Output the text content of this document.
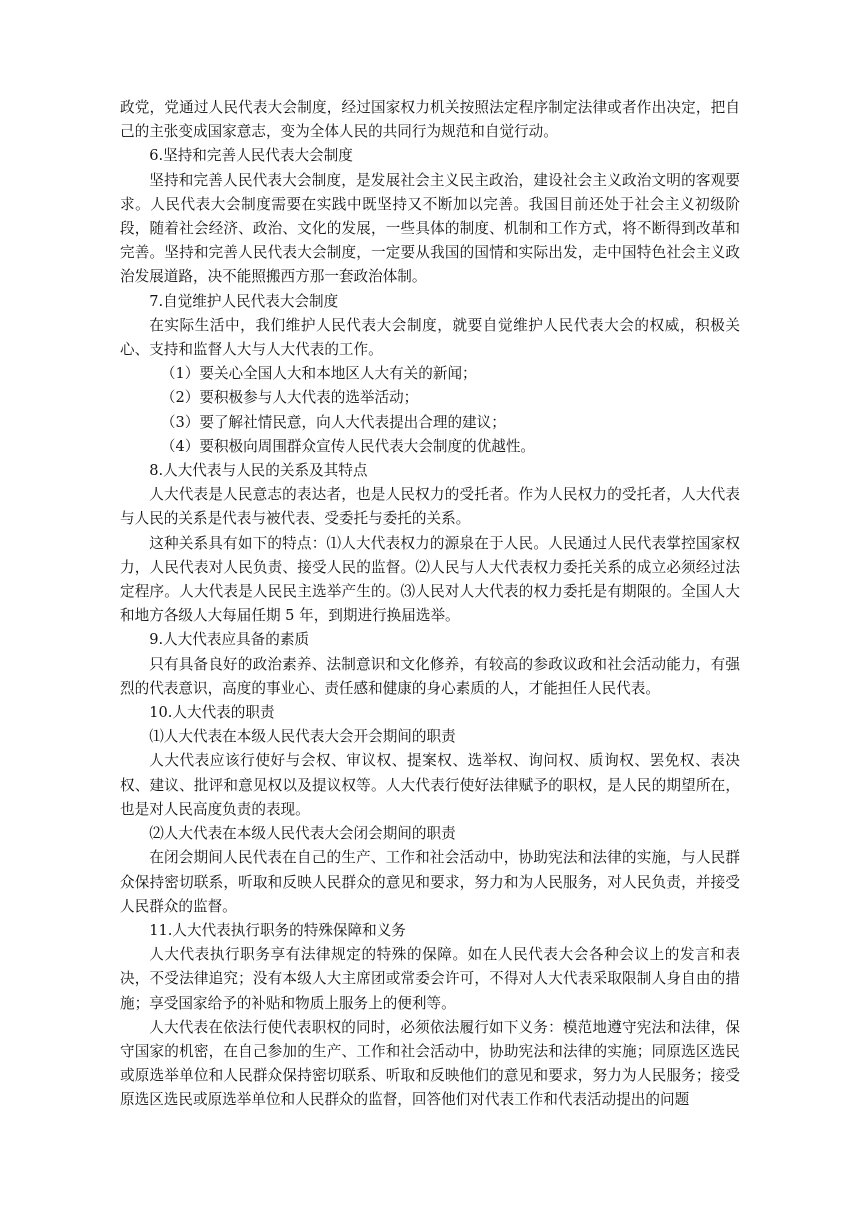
政党，党通过人民代表大会制度，经过国家权力机关按照法定程序制定法律或者作出决定，把自己的主张变成国家意志，变为全体人民的共同行为规范和自觉行动。

6.坚持和完善人民代表大会制度

坚持和完善人民代表大会制度，是发展社会主义民主政治，建设社会主义政治文明的客观要求。人民代表大会制度需要在实践中既坚持又不断加以完善。我国目前还处于社会主义初级阶段，随着社会经济、政治、文化的发展，一些具体的制度、机制和工作方式，将不断得到改革和完善。坚持和完善人民代表大会制度，一定要从我国的国情和实际出发，走中国特色社会主义政治发展道路，决不能照搬西方那一套政治体制。

7.自觉维护人民代表大会制度

在实际生活中，我们维护人民代表大会制度，就要自觉维护人民代表大会的权威，积极关心、支持和监督人大与人大代表的工作。

（1）要关心全国人大和本地区人大有关的新闻；

（2）要积极参与人大代表的选举活动；

（3）要了解社情民意，向人大代表提出合理的建议；

（4）要积极向周围群众宣传人民代表大会制度的优越性。

8.人大代表与人民的关系及其特点

人大代表是人民意志的表达者，也是人民权力的受托者。作为人民权力的受托者，人大代表与人民的关系是代表与被代表、受委托与委托的关系。

这种关系具有如下的特点：⑴人大代表权力的源泉在于人民。人民通过人民代表掌控国家权力，人民代表对人民负责、接受人民的监督。⑵人民与人大代表权力委托关系的成立必须经过法定程序。人大代表是人民民主选举产生的。⑶人民对人大代表的权力委托是有期限的。全国人大和地方各级人大每届任期 5 年，到期进行换届选举。

9.人大代表应具备的素质

只有具备良好的政治素养、法制意识和文化修养，有较高的参政议政和社会活动能力，有强烈的代表意识，高度的事业心、责任感和健康的身心素质的人，才能担任人民代表。

10.人大代表的职责

⑴人大代表在本级人民代表大会开会期间的职责

人大代表应该行使好与会权、审议权、提案权、选举权、询问权、质询权、罢免权、表决权、建议、批评和意见权以及提议权等。人大代表行使好法律赋予的职权，是人民的期望所在，也是对人民高度负责的表现。

⑵人大代表在本级人民代表大会闭会期间的职责

在闭会期间人民代表在自己的生产、工作和社会活动中，协助宪法和法律的实施，与人民群众保持密切联系，听取和反映人民群众的意见和要求，努力和为人民服务，对人民负责，并接受人民群众的监督。

11.人大代表执行职务的特殊保障和义务

人大代表执行职务享有法律规定的特殊的保障。如在人民代表大会各种会议上的发言和表决，不受法律追究；没有本级人大主席团或常委会许可，不得对人大代表采取限制人身自由的措施；享受国家给予的补贴和物质上服务上的便利等。

人大代表在依法行使代表职权的同时，必须依法履行如下义务：模范地遵守宪法和法律，保守国家的机密，在自己参加的生产、工作和社会活动中，协助宪法和法律的实施；同原选区选民或原选举单位和人民群众保持密切联系、听取和反映他们的意见和要求，努力为人民服务；接受原选区选民或原选举单位和人民群众的监督，回答他们对代表工作和代表活动提出的问题
